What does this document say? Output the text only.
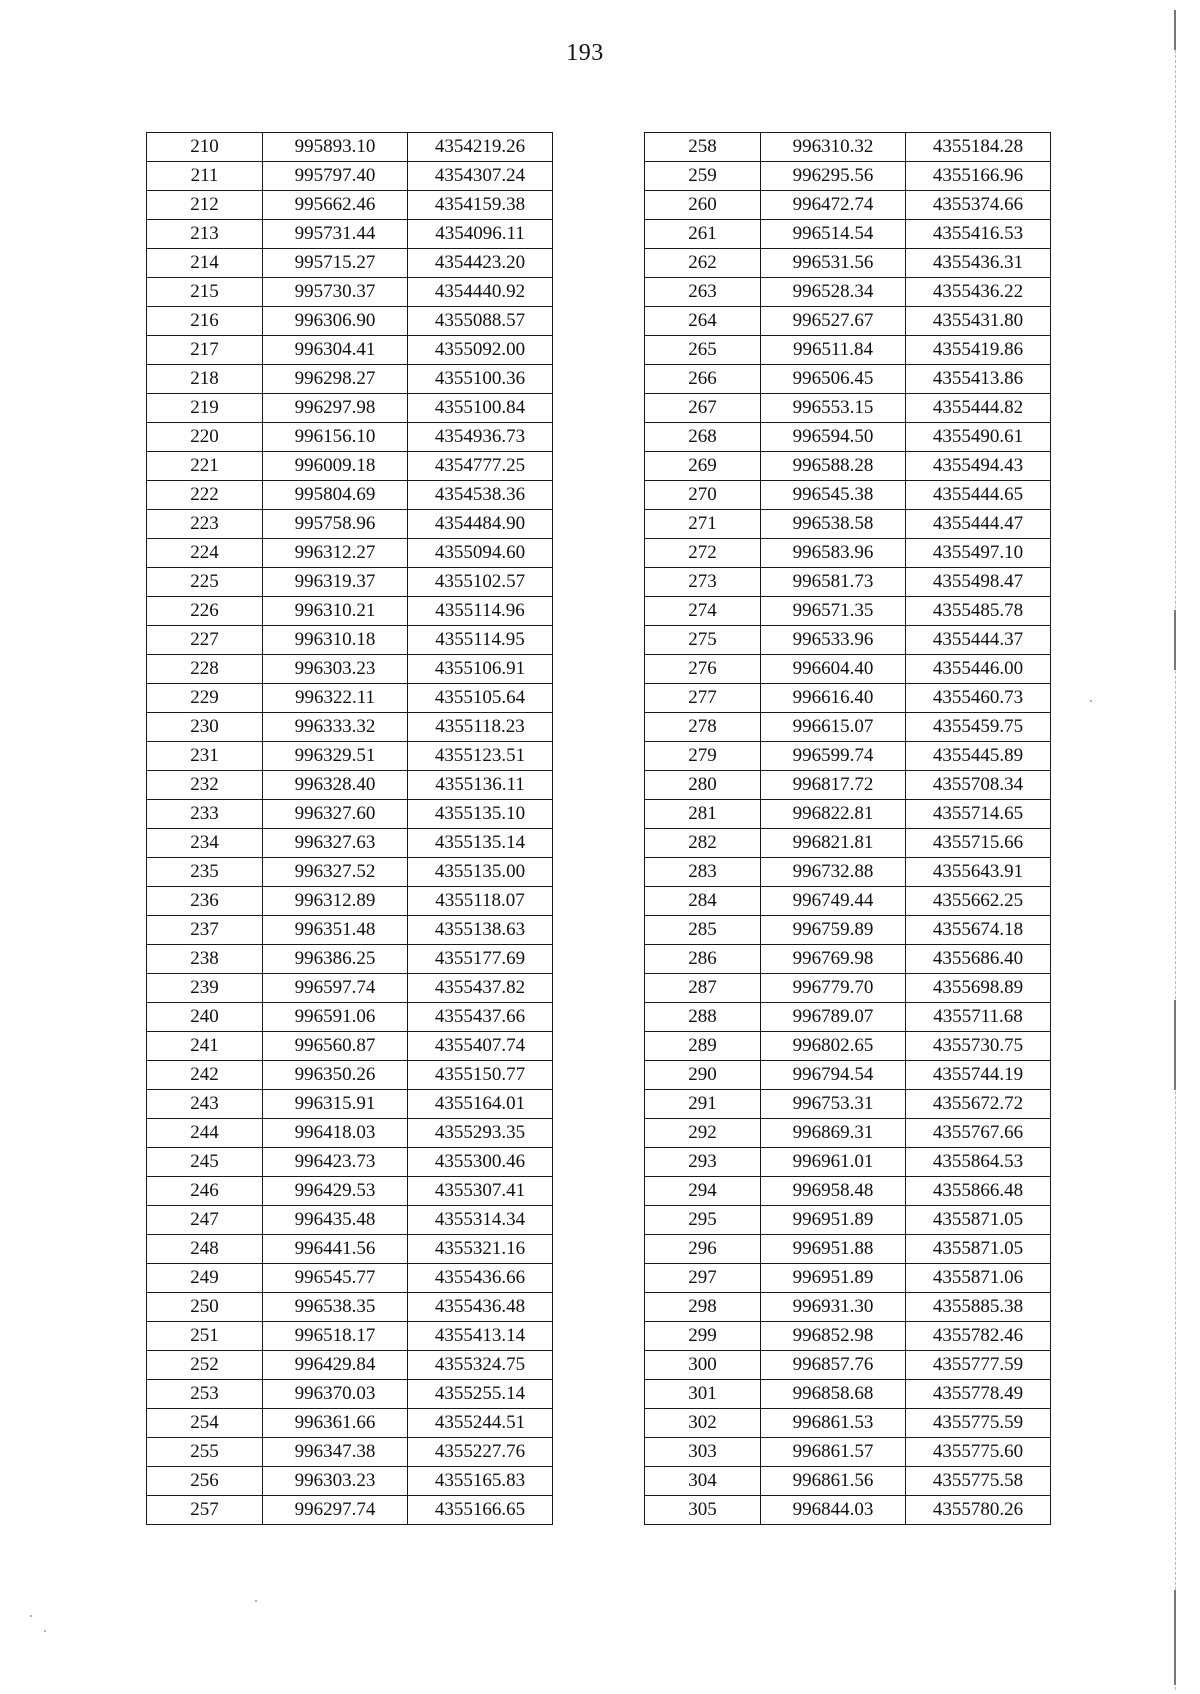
193
210	995893.10	4354219.26
211	995797.40	4354307.24
212	995662.46	4354159.38
213	995731.44	4354096.11
214	995715.27	4354423.20
215	995730.37	4354440.92
216	996306.90	4355088.57
217	996304.41	4355092.00
218	996298.27	4355100.36
219	996297.98	4355100.84
220	996156.10	4354936.73
221	996009.18	4354777.25
222	995804.69	4354538.36
223	995758.96	4354484.90
224	996312.27	4355094.60
225	996319.37	4355102.57
226	996310.21	4355114.96
227	996310.18	4355114.95
228	996303.23	4355106.91
229	996322.11	4355105.64
230	996333.32	4355118.23
231	996329.51	4355123.51
232	996328.40	4355136.11
233	996327.60	4355135.10
234	996327.63	4355135.14
235	996327.52	4355135.00
236	996312.89	4355118.07
237	996351.48	4355138.63
238	996386.25	4355177.69
239	996597.74	4355437.82
240	996591.06	4355437.66
241	996560.87	4355407.74
242	996350.26	4355150.77
243	996315.91	4355164.01
244	996418.03	4355293.35
245	996423.73	4355300.46
246	996429.53	4355307.41
247	996435.48	4355314.34
248	996441.56	4355321.16
249	996545.77	4355436.66
250	996538.35	4355436.48
251	996518.17	4355413.14
252	996429.84	4355324.75
253	996370.03	4355255.14
254	996361.66	4355244.51
255	996347.38	4355227.76
256	996303.23	4355165.83
257	996297.74	4355166.65
258	996310.32	4355184.28
259	996295.56	4355166.96
260	996472.74	4355374.66
261	996514.54	4355416.53
262	996531.56	4355436.31
263	996528.34	4355436.22
264	996527.67	4355431.80
265	996511.84	4355419.86
266	996506.45	4355413.86
267	996553.15	4355444.82
268	996594.50	4355490.61
269	996588.28	4355494.43
270	996545.38	4355444.65
271	996538.58	4355444.47
272	996583.96	4355497.10
273	996581.73	4355498.47
274	996571.35	4355485.78
275	996533.96	4355444.37
276	996604.40	4355446.00
277	996616.40	4355460.73
278	996615.07	4355459.75
279	996599.74	4355445.89
280	996817.72	4355708.34
281	996822.81	4355714.65
282	996821.81	4355715.66
283	996732.88	4355643.91
284	996749.44	4355662.25
285	996759.89	4355674.18
286	996769.98	4355686.40
287	996779.70	4355698.89
288	996789.07	4355711.68
289	996802.65	4355730.75
290	996794.54	4355744.19
291	996753.31	4355672.72
292	996869.31	4355767.66
293	996961.01	4355864.53
294	996958.48	4355866.48
295	996951.89	4355871.05
296	996951.88	4355871.05
297	996951.89	4355871.06
298	996931.30	4355885.38
299	996852.98	4355782.46
300	996857.76	4355777.59
301	996858.68	4355778.49
302	996861.53	4355775.59
303	996861.57	4355775.60
304	996861.56	4355775.58
305	996844.03	4355780.26
